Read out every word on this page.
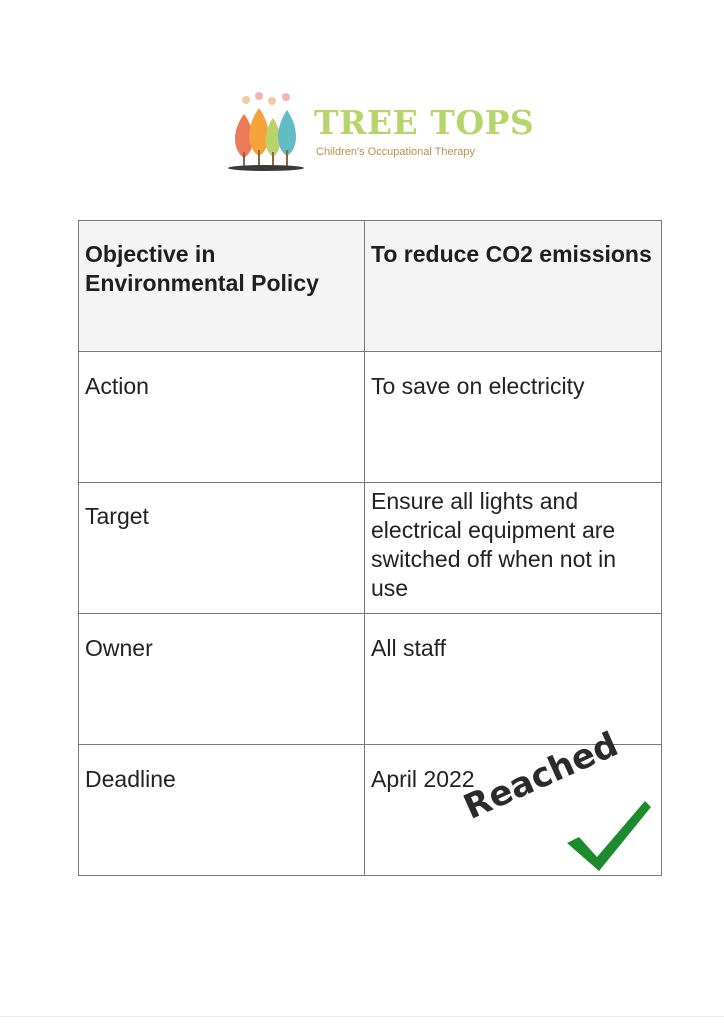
TREE TOPS
Children's Occupational Therapy
Objective in Environmental Policy	To reduce CO2 emissions
Action	To save on electricity
Target	Ensure all lights and electrical equipment are switched off when not in use
Owner	All staff
Deadline	April 2022
Reached
